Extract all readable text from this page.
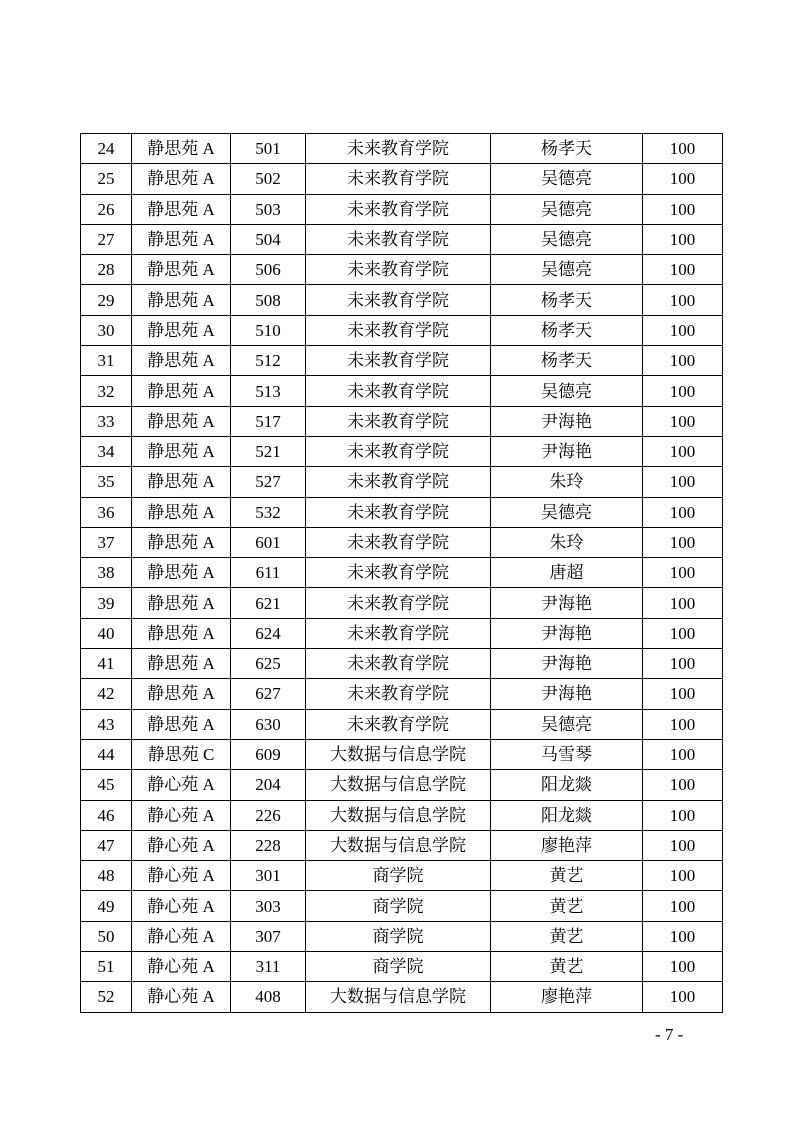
24	静思苑 A	501	未来教育学院	杨孝天	100
25	静思苑 A	502	未来教育学院	吴德亮	100
26	静思苑 A	503	未来教育学院	吴德亮	100
27	静思苑 A	504	未来教育学院	吴德亮	100
28	静思苑 A	506	未来教育学院	吴德亮	100
29	静思苑 A	508	未来教育学院	杨孝天	100
30	静思苑 A	510	未来教育学院	杨孝天	100
31	静思苑 A	512	未来教育学院	杨孝天	100
32	静思苑 A	513	未来教育学院	吴德亮	100
33	静思苑 A	517	未来教育学院	尹海艳	100
34	静思苑 A	521	未来教育学院	尹海艳	100
35	静思苑 A	527	未来教育学院	朱玲	100
36	静思苑 A	532	未来教育学院	吴德亮	100
37	静思苑 A	601	未来教育学院	朱玲	100
38	静思苑 A	611	未来教育学院	唐超	100
39	静思苑 A	621	未来教育学院	尹海艳	100
40	静思苑 A	624	未来教育学院	尹海艳	100
41	静思苑 A	625	未来教育学院	尹海艳	100
42	静思苑 A	627	未来教育学院	尹海艳	100
43	静思苑 A	630	未来教育学院	吴德亮	100
44	静思苑 C	609	大数据与信息学院	马雪琴	100
45	静心苑 A	204	大数据与信息学院	阳龙燚	100
46	静心苑 A	226	大数据与信息学院	阳龙燚	100
47	静心苑 A	228	大数据与信息学院	廖艳萍	100
48	静心苑 A	301	商学院	黄艺	100
49	静心苑 A	303	商学院	黄艺	100
50	静心苑 A	307	商学院	黄艺	100
51	静心苑 A	311	商学院	黄艺	100
52	静心苑 A	408	大数据与信息学院	廖艳萍	100
- 7 -
